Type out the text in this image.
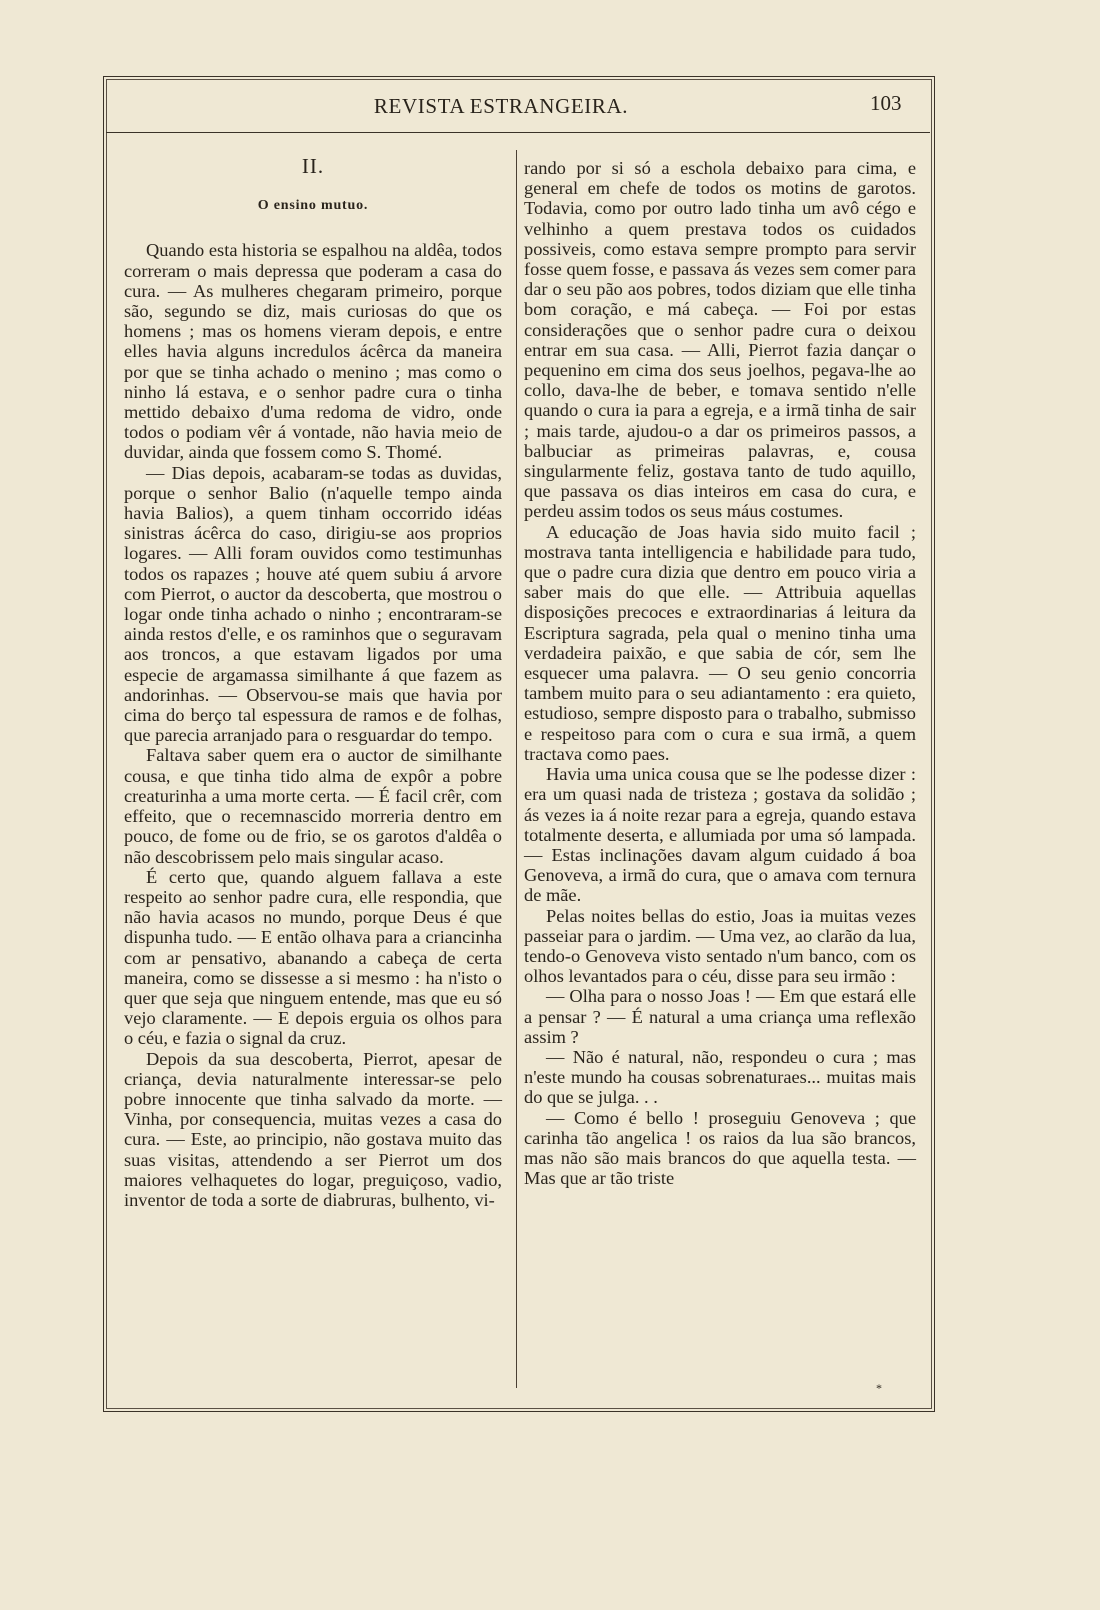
REVISTA ESTRANGEIRA.	103
II.
O ensino mutuo.

Quando esta historia se espalhou na aldêa, todos correram o mais depressa que poderam a casa do cura. — As mulheres chegaram primeiro, porque são, segundo se diz, mais curiosas do que os homens ; mas os homens vieram depois, e entre elles havia alguns incredulos ácêrca da maneira por que se tinha achado o menino ; mas como o ninho lá estava, e o senhor padre cura o tinha mettido debaixo d'uma redoma de vidro, onde todos o podiam vêr á vontade, não havia meio de duvidar, ainda que fossem como S. Thomé.

— Dias depois, acabaram-se todas as duvidas, porque o senhor Balio (n'aquelle tempo ainda havia Balios), a quem tinham occorrido idéas sinistras ácêrca do caso, dirigiu-se aos proprios logares. — Alli foram ouvidos como testimunhas todos os rapazes ; houve até quem subiu á arvore com Pierrot, o auctor da descoberta, que mostrou o logar onde tinha achado o ninho ; encontraram-se ainda restos d'elle, e os raminhos que o seguravam aos troncos, a que estavam ligados por uma especie de argamassa similhante á que fazem as andorinhas. — Observou-se mais que havia por cima do berço tal espessura de ramos e de folhas, que parecia arranjado para o resguardar do tempo.

Faltava saber quem era o auctor de similhante cousa, e que tinha tido alma de expôr a pobre creaturinha a uma morte certa. — É facil crêr, com effeito, que o recemnascido morreria dentro em pouco, de fome ou de frio, se os garotos d'aldêa o não descobrissem pelo mais singular acaso.

É certo que, quando alguem fallava a este respeito ao senhor padre cura, elle respondia, que não havia acasos no mundo, porque Deus é que dispunha tudo. — E então olhava para a criancinha com ar pensativo, abanando a cabeça de certa maneira, como se dissesse a si mesmo : ha n'isto o quer que seja que ninguem entende, mas que eu só vejo claramente. — E depois erguia os olhos para o céu, e fazia o signal da cruz.

Depois da sua descoberta, Pierrot, apesar de criança, devia naturalmente interessar-se pelo pobre innocente que tinha salvado da morte. — Vinha, por consequencia, muitas vezes a casa do cura. — Este, ao principio, não gostava muito das suas visitas, attendendo a ser Pierrot um dos maiores velhaquetes do logar, preguiçoso, vadio, inventor de toda a sorte de diabruras, bulhento, vi-

rando por si só a eschola debaixo para cima, e general em chefe de todos os motins de garotos. Todavia, como por outro lado tinha um avô cégo e velhinho a quem prestava todos os cuidados possiveis, como estava sempre prompto para servir fosse quem fosse, e passava ás vezes sem comer para dar o seu pão aos pobres, todos diziam que elle tinha bom coração, e má cabeça. — Foi por estas considerações que o senhor padre cura o deixou entrar em sua casa. — Alli, Pierrot fazia dançar o pequenino em cima dos seus joelhos, pegava-lhe ao collo, dava-lhe de beber, e tomava sentido n'elle quando o cura ia para a egreja, e a irmã tinha de sair ; mais tarde, ajudou-o a dar os primeiros passos, a balbuciar as primeiras palavras, e, cousa singularmente feliz, gostava tanto de tudo aquillo, que passava os dias inteiros em casa do cura, e perdeu assim todos os seus máus costumes.

A educação de Joas havia sido muito facil ; mostrava tanta intelligencia e habilidade para tudo, que o padre cura dizia que dentro em pouco viria a saber mais do que elle. — Attribuia aquellas disposições precoces e extraordinarias á leitura da Escriptura sagrada, pela qual o menino tinha uma verdadeira paixão, e que sabia de cór, sem lhe esquecer uma palavra. — O seu genio concorria tambem muito para o seu adiantamento : era quieto, estudioso, sempre disposto para o trabalho, submisso e respeitoso para com o cura e sua irmã, a quem tractava como paes.

Havia uma unica cousa que se lhe podesse dizer : era um quasi nada de tristeza ; gostava da solidão ; ás vezes ia á noite rezar para a egreja, quando estava totalmente deserta, e allumiada por uma só lampada. — Estas inclinações davam algum cuidado á boa Genoveva, a irmã do cura, que o amava com ternura de mãe.

Pelas noites bellas do estio, Joas ia muitas vezes passeiar para o jardim. — Uma vez, ao clarão da lua, tendo-o Genoveva visto sentado n'um banco, com os olhos levantados para o céu, disse para seu irmão :

— Olha para o nosso Joas ! — Em que estará elle a pensar ? — É natural a uma criança uma reflexão assim ?

— Não é natural, não, respondeu o cura ; mas n'este mundo ha cousas sobrenaturaes... muitas mais do que se julga. . .

— Como é bello ! proseguiu Genoveva ; que carinha tão angelica ! os raios da lua são brancos, mas não são mais brancos do que aquella testa. — Mas que ar tão triste

*
